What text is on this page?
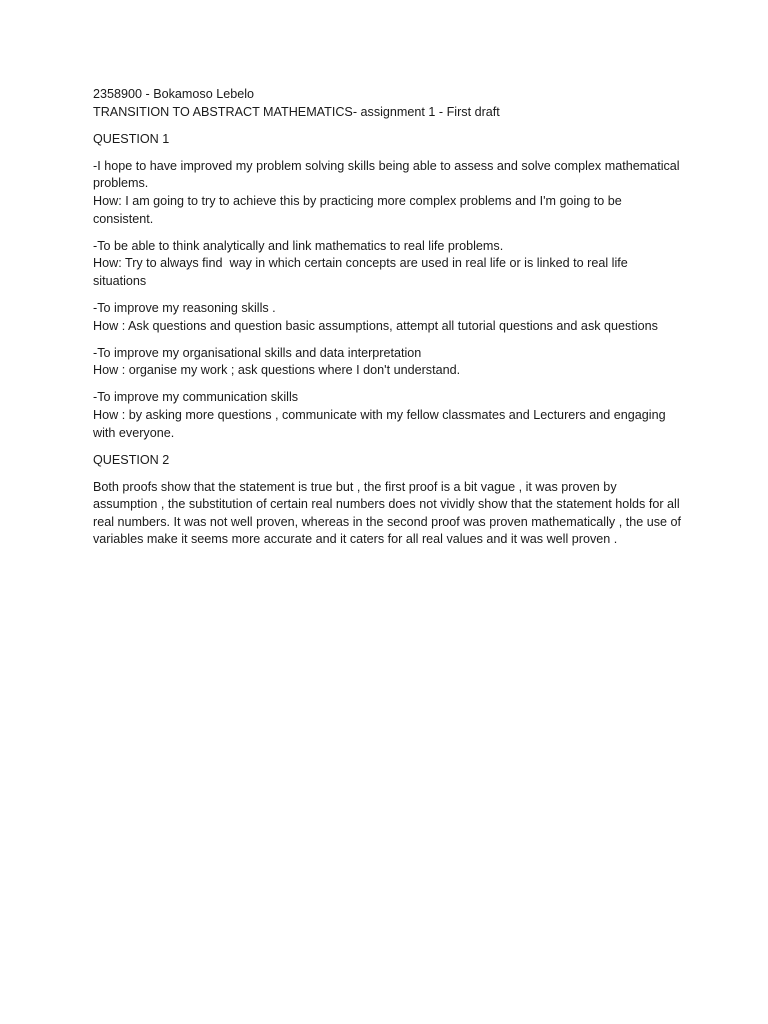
2358900 - Bokamoso Lebelo
TRANSITION TO ABSTRACT MATHEMATICS- assignment 1 - First draft
QUESTION 1
-I hope to have improved my problem solving skills being able to assess and solve complex mathematical problems.
How: I am going to try to achieve this by practicing more complex problems and I'm going to be consistent.
-To be able to think analytically and link mathematics to real life problems.
How: Try to always find  way in which certain concepts are used in real life or is linked to real life situations
-To improve my reasoning skills .
How : Ask questions and question basic assumptions, attempt all tutorial questions and ask questions
-To improve my organisational skills and data interpretation
How : organise my work ; ask questions where I don't understand.
-To improve my communication skills
How : by asking more questions , communicate with my fellow classmates and Lecturers and engaging with everyone.
QUESTION 2
Both proofs show that the statement is true but , the first proof is a bit vague , it was proven by assumption , the substitution of certain real numbers does not vividly show that the statement holds for all real numbers. It was not well proven, whereas in the second proof was proven mathematically , the use of variables make it seems more accurate and it caters for all real values and it was well proven .
